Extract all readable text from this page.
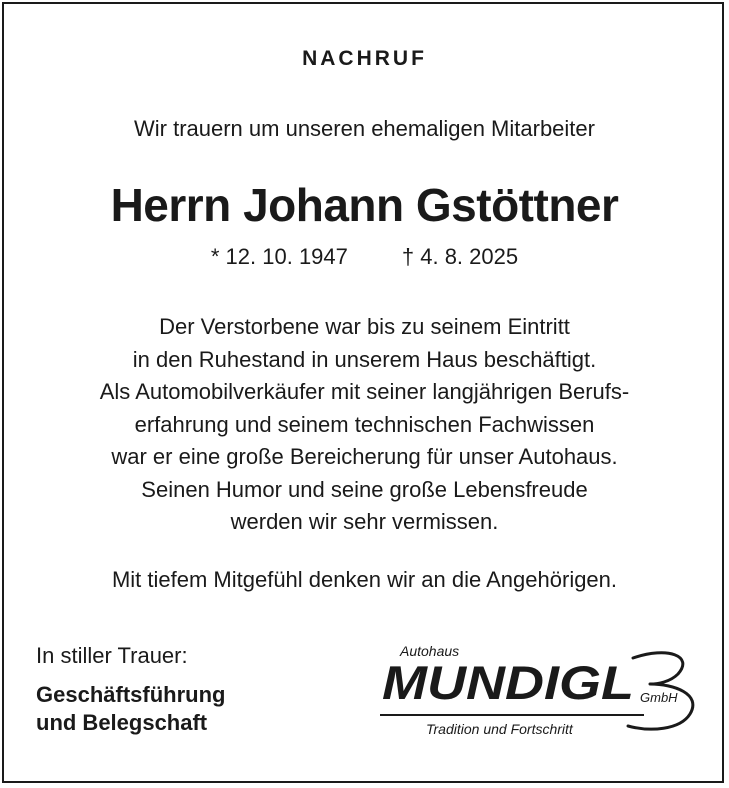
NACHRUF
Wir trauern um unseren ehemaligen Mitarbeiter
Herrn Johann Gstöttner
* 12. 10. 1947 † 4. 8. 2025
Der Verstorbene war bis zu seinem Eintritt
in den Ruhestand in unserem Haus beschäftigt.
Als Automobilverkäufer mit seiner langjährigen Berufs-
erfahrung und seinem technischen Fachwissen
war er eine große Bereicherung für unser Autohaus.
Seinen Humor und seine große Lebensfreude
werden wir sehr vermissen.
Mit tiefem Mitgefühl denken wir an die Angehörigen.
In stiller Trauer:
Geschäftsführung
und Belegschaft
Autohaus
MUNDIGL GmbH
Tradition und Fortschritt
